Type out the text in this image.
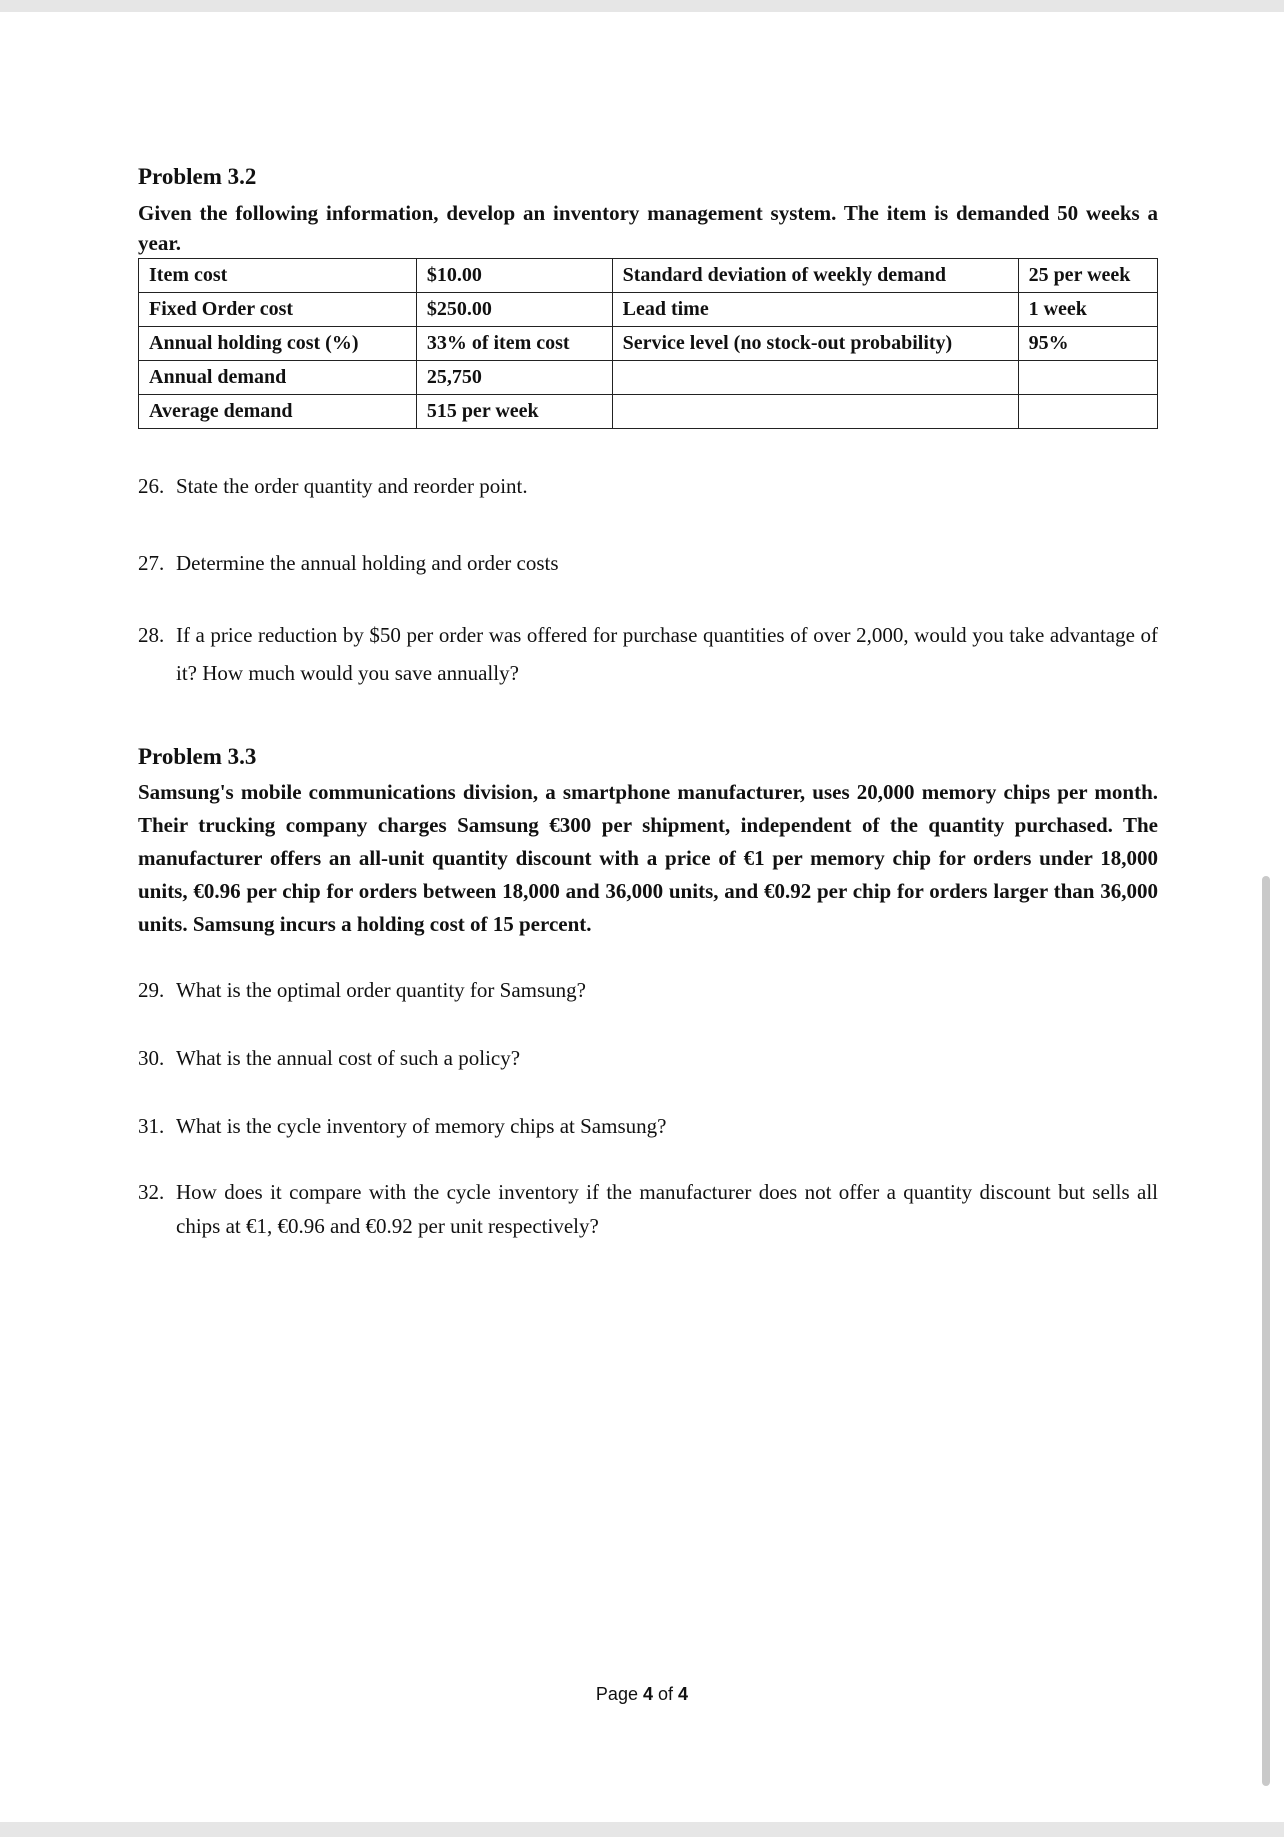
Problem 3.2

Given the following information, develop an inventory management system. The item is demanded 50 weeks a year.

Item cost	$10.00	Standard deviation of weekly demand	25 per week
Fixed Order cost	$250.00	Lead time	1 week
Annual holding cost (%)	33% of item cost	Service level (no stock-out probability)	95%
Annual demand	25,750		
Average demand	515 per week		
26. State the order quantity and reorder point.
27. Determine the annual holding and order costs
28. If a price reduction by $50 per order was offered for purchase quantities of over 2,000, would you take advantage of it? How much would you save annually?
Problem 3.3

Samsung's mobile communications division, a smartphone manufacturer, uses 20,000 memory chips per month. Their trucking company charges Samsung €300 per shipment, independent of the quantity purchased. The manufacturer offers an all-unit quantity discount with a price of €1 per memory chip for orders under 18,000 units, €0.96 per chip for orders between 18,000 and 36,000 units, and €0.92 per chip for orders larger than 36,000 units. Samsung incurs a holding cost of 15 percent.

29. What is the optimal order quantity for Samsung?
30. What is the annual cost of such a policy?
31. What is the cycle inventory of memory chips at Samsung?
32. How does it compare with the cycle inventory if the manufacturer does not offer a quantity discount but sells all chips at €1, €0.96 and €0.92 per unit respectively?
Page 4 of 4
